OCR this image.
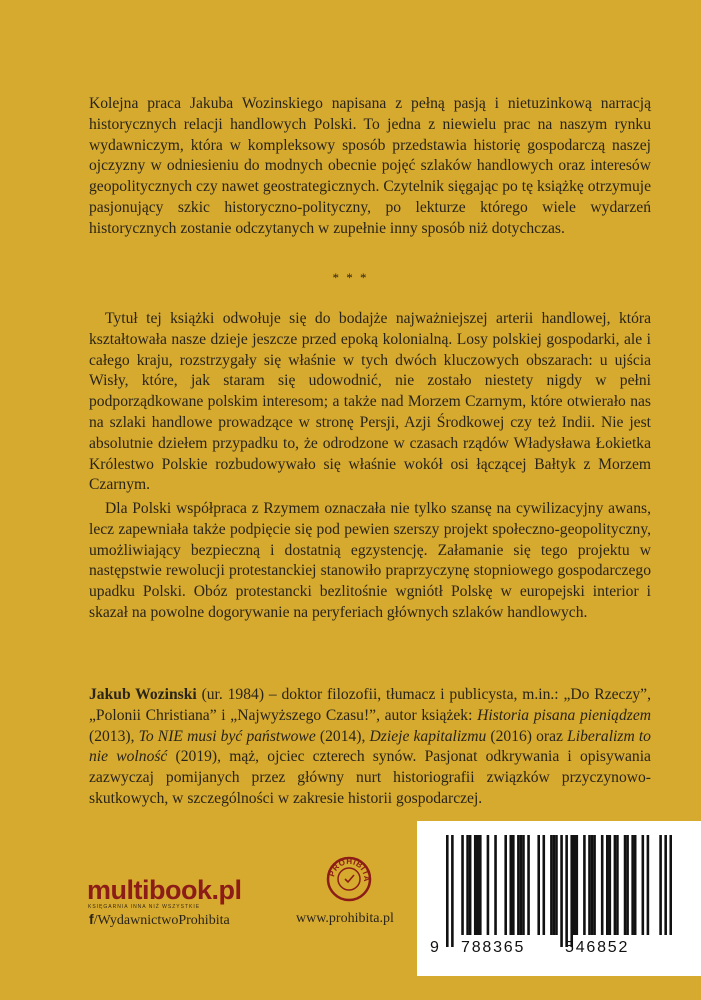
Kolejna praca Jakuba Wozinskiego napisana z pełną pasją i nietuzinkową narracją historycznych relacji handlowych Polski. To jedna z niewielu prac na naszym rynku wydawniczym, która w kompleksowy sposób przedstawia historię gospodarczą naszej ojczyzny w odniesieniu do modnych obecnie pojęć szlaków handlowych oraz interesów geopolitycznych czy nawet geostrategicznych. Czytelnik sięgając po tę książkę otrzymuje pasjonujący szkic historyczno-polityczny, po lekturze którego wiele wydarzeń historycznych zostanie odczytanych w zupełnie inny sposób niż dotychczas.
* * *
Tytuł tej książki odwołuje się do bodajże najważniejszej arterii handlowej, która kształtowała nasze dzieje jeszcze przed epoką kolonialną. Losy polskiej gospodarki, ale i całego kraju, rozstrzygały się właśnie w tych dwóch kluczowych obszarach: u ujścia Wisły, które, jak staram się udowodnić, nie zostało niestety nigdy w pełni podporządkowane polskim interesom; a także nad Morzem Czarnym, które otwierało nas na szlaki handlowe prowadzące w stronę Persji, Azji Środkowej czy też Indii. Nie jest absolutnie dziełem przypadku to, że odrodzone w czasach rządów Władysława Łokietka Królestwo Polskie rozbudowywało się właśnie wokół osi łączącej Bałtyk z Morzem Czarnym.
Dla Polski współpraca z Rzymem oznaczała nie tylko szansę na cywilizacyjny awans, lecz zapewniała także podpięcie się pod pewien szerszy projekt społeczno-geopolityczny, umożliwiający bezpieczną i dostatnią egzystencję. Załamanie się tego projektu w następstwie rewolucji protestanckiej stanowiło praprzyczynę stopniowego gospodarczego upadku Polski. Obóz protestancki bezlitośnie wgniótł Polskę w europejski interior i skazał na powolne dogorywanie na peryferiach głównych szlaków handlowych.
Jakub Wozinski (ur. 1984) – doktor filozofii, tłumacz i publicysta, m.in.: „Do Rzeczy”, „Polonii Christiana” i „Najwyższego Czasu!”, autor książek: Historia pisana pieniądzem (2013), To NIE musi być państwowe (2014), Dzieje kapitalizmu (2016) oraz Liberalizm to nie wolność (2019), mąż, ojciec czterech synów. Pasjonat odkrywania i opisywania zazwyczaj pomijanych przez główny nurt historiografii związków przyczynowo-skutkowych, w szczególności w zakresie historii gospodarczej.
multibook.pl
KSIĘGARNIA INNA NIŻ WSZYSTKIE
f/WydawnictwoProhibita
PROHIBITA
www.prohibita.pl
9 788365 546852
